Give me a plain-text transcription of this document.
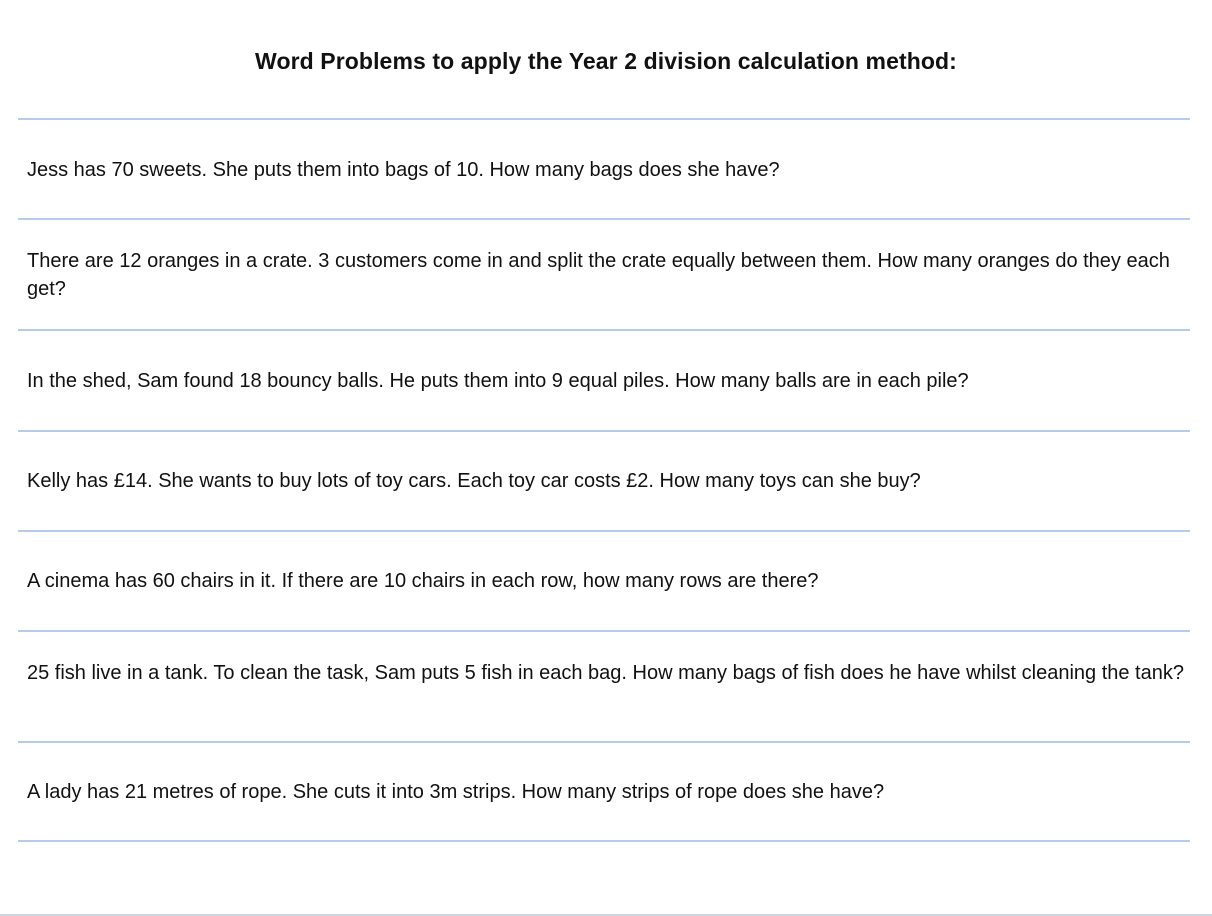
Word Problems to apply the Year 2 division calculation method:

Jess has 70 sweets. She puts them into bags of 10. How many bags does she have?

There are 12 oranges in a crate. 3 customers come in and split the crate equally between them. How many oranges do they each get?

In the shed, Sam found 18 bouncy balls. He puts them into 9 equal piles. How many balls are in each pile?

Kelly has £14. She wants to buy lots of toy cars. Each toy car costs £2. How many toys can she buy?

A cinema has 60 chairs in it. If there are 10 chairs in each row, how many rows are there?

25 fish live in a tank. To clean the task, Sam puts 5 fish in each bag. How many bags of fish does he have whilst cleaning the tank?

A lady has 21 metres of rope. She cuts it into 3m strips. How many strips of rope does she have?
